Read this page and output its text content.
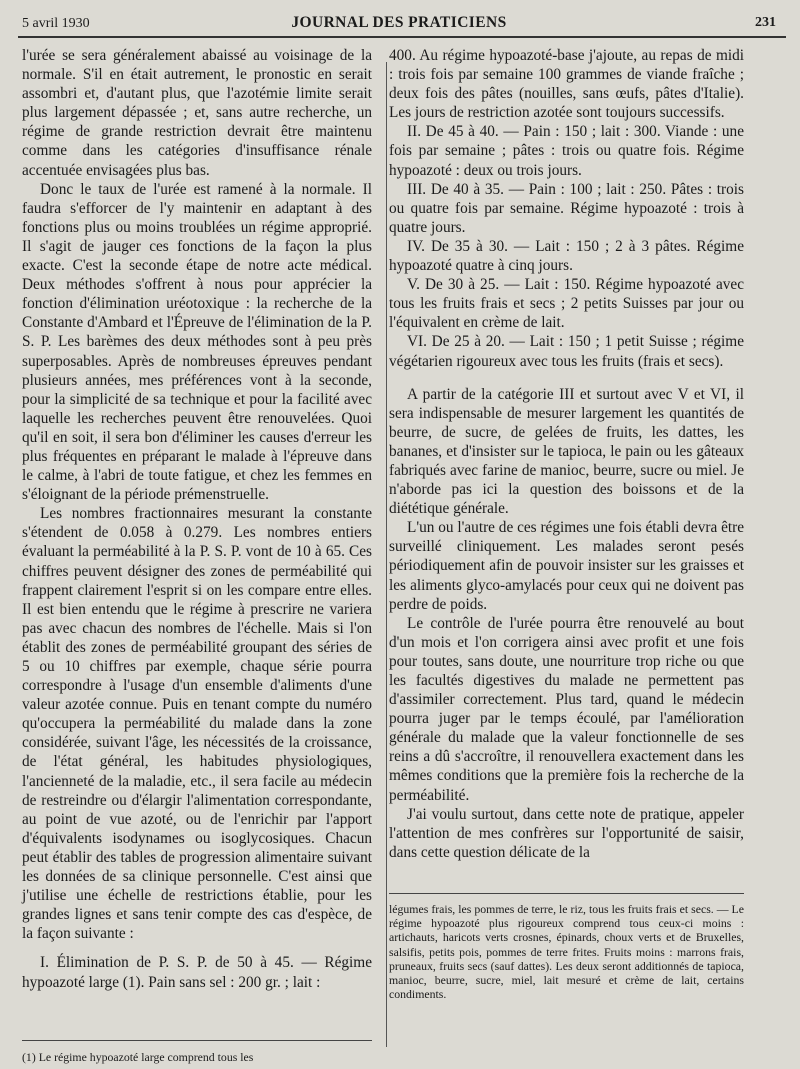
5 avril 1930	JOURNAL DES PRATICIENS	231

l'urée se sera généralement abaissé au voisinage de la normale. S'il en était autrement, le pronostic en serait assombri et, d'autant plus, que l'azotémie limite serait plus largement dépassée ; et, sans autre recherche, un régime de grande restriction devrait être maintenu comme dans les catégories d'insuffisance rénale accentuée envisagées plus bas.

Donc le taux de l'urée est ramené à la normale. Il faudra s'efforcer de l'y maintenir en adaptant à des fonctions plus ou moins troublées un régime approprié. Il s'agit de jauger ces fonctions de la façon la plus exacte. C'est la seconde étape de notre acte médical. Deux méthodes s'offrent à nous pour apprécier la fonction d'élimination uréotoxique : la recherche de la Constante d'Ambard et l'Épreuve de l'élimination de la P. S. P. Les barèmes des deux méthodes sont à peu près superposables. Après de nombreuses épreuves pendant plusieurs années, mes préférences vont à la seconde, pour la simplicité de sa technique et pour la facilité avec laquelle les recherches peuvent être renouvelées. Quoi qu'il en soit, il sera bon d'éliminer les causes d'erreur les plus fréquentes en préparant le malade à l'épreuve dans le calme, à l'abri de toute fatigue, et chez les femmes en s'éloignant de la période prémenstruelle.

Les nombres fractionnaires mesurant la constante s'étendent de 0.058 à 0.279. Les nombres entiers évaluant la perméabilité à la P. S. P. vont de 10 à 65. Ces chiffres peuvent désigner des zones de perméabilité qui frappent clairement l'esprit si on les compare entre elles. Il est bien entendu que le régime à prescrire ne variera pas avec chacun des nombres de l'échelle. Mais si l'on établit des zones de perméabilité groupant des séries de 5 ou 10 chiffres par exemple, chaque série pourra correspondre à l'usage d'un ensemble d'aliments d'une valeur azotée connue. Puis en tenant compte du numéro qu'occupera la perméabilité du malade dans la zone considérée, suivant l'âge, les nécessités de la croissance, de l'état général, les habitudes physiologiques, l'ancienneté de la maladie, etc., il sera facile au médecin de restreindre ou d'élargir l'alimentation correspondante, au point de vue azoté, ou de l'enrichir par l'apport d'équivalents isodynames ou isoglycosiques. Chacun peut établir des tables de progression alimentaire suivant les données de sa clinique personnelle. C'est ainsi que j'utilise une échelle de restrictions établie, pour les grandes lignes et sans tenir compte des cas d'espèce, de la façon suivante :

I. Élimination de P. S. P. de 50 à 45. — Régime hypoazoté large (1). Pain sans sel : 200 gr. ; lait :

(1) Le régime hypoazoté large comprend tous les

400. Au régime hypoazoté-base j'ajoute, au repas de midi : trois fois par semaine 100 grammes de viande fraîche ; deux fois des pâtes (nouilles, sans œufs, pâtes d'Italie). Les jours de restriction azotée sont toujours successifs.

II. De 45 à 40. — Pain : 150 ; lait : 300. Viande : une fois par semaine ; pâtes : trois ou quatre fois. Régime hypoazoté : deux ou trois jours.

III. De 40 à 35. — Pain : 100 ; lait : 250. Pâtes : trois ou quatre fois par semaine. Régime hypoazoté : trois à quatre jours.

IV. De 35 à 30. — Lait : 150 ; 2 à 3 pâtes. Régime hypoazoté quatre à cinq jours.

V. De 30 à 25. — Lait : 150. Régime hypoazoté avec tous les fruits frais et secs ; 2 petits Suisses par jour ou l'équivalent en crème de lait.

VI. De 25 à 20. — Lait : 150 ; 1 petit Suisse ; régime végétarien rigoureux avec tous les fruits (frais et secs).

A partir de la catégorie III et surtout avec V et VI, il sera indispensable de mesurer largement les quantités de beurre, de sucre, de gelées de fruits, les dattes, les bananes, et d'insister sur le tapioca, le pain ou les gâteaux fabriqués avec farine de manioc, beurre, sucre ou miel. Je n'aborde pas ici la question des boissons et de la diététique générale.

L'un ou l'autre de ces régimes une fois établi devra être surveillé cliniquement. Les malades seront pesés périodiquement afin de pouvoir insister sur les graisses et les aliments glyco-amylacés pour ceux qui ne doivent pas perdre de poids.

Le contrôle de l'urée pourra être renouvelé au bout d'un mois et l'on corrigera ainsi avec profit et une fois pour toutes, sans doute, une nourriture trop riche ou que les facultés digestives du malade ne permettent pas d'assimiler correctement. Plus tard, quand le médecin pourra juger par le temps écoulé, par l'amélioration générale du malade que la valeur fonctionnelle de ses reins a dû s'accroître, il renouvellera exactement dans les mêmes conditions que la première fois la recherche de la perméabilité.

J'ai voulu surtout, dans cette note de pratique, appeler l'attention de mes confrères sur l'opportunité de saisir, dans cette question délicate de la

légumes frais, les pommes de terre, le riz, tous les fruits frais et secs. — Le régime hypoazoté plus rigoureux comprend tous ceux-ci moins : artichauts, haricots verts crosnes, épinards, choux verts et de Bruxelles, salsifis, petits pois, pommes de terre frites. Fruits moins : marrons frais, pruneaux, fruits secs (sauf dattes). Les deux seront additionnés de tapioca, manioc, beurre, sucre, miel, lait mesuré et crème de lait, certains condiments.
